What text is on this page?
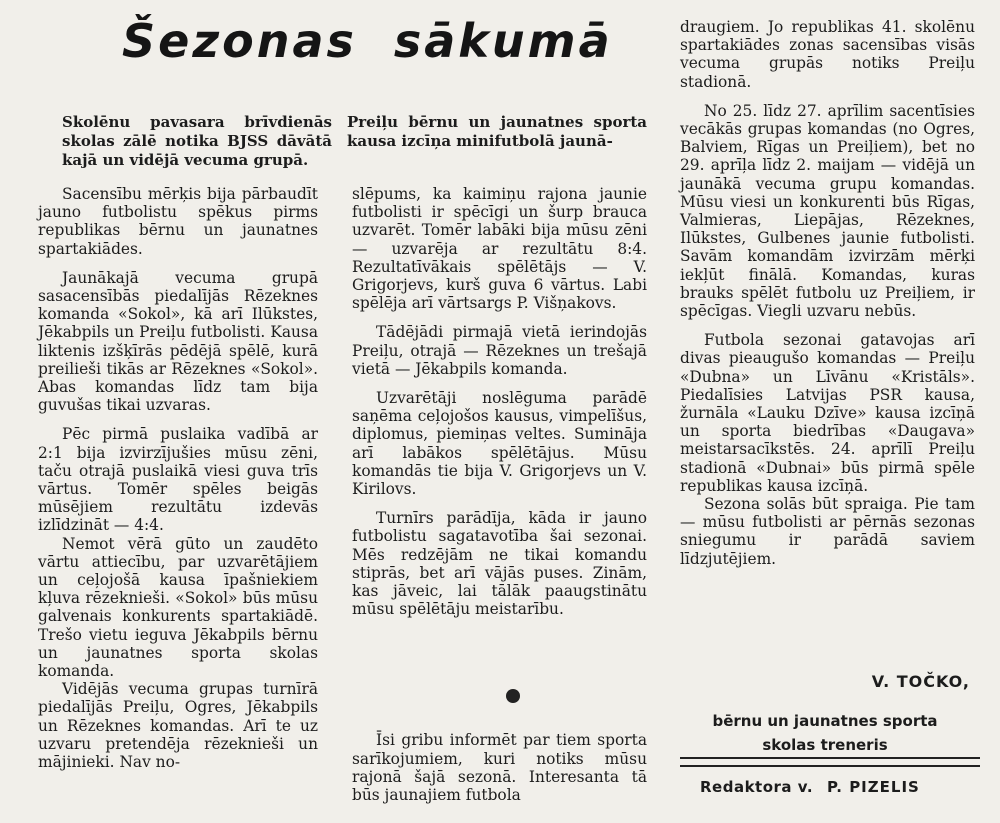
Šezonas sākumā

Skolēnu pavasara brīvdienās skolas zālē notika BJSS dāvātā kajā un vidējā vecuma grupā.

Preiļu bērnu un jaunatnes sporta kausa izcīņa minifutbolā jaunā-

Sacensību mērķis bija pārbaudīt jauno futbolistu spēkus pirms republikas bērnu un jaunatnes spartakiādes.

Jaunākajā vecuma grupā sasacensībās piedalījās Rēzeknes komanda «Sokol», kā arī Ilūkstes, Jēkabpils un Preiļu futbolisti. Kausa liktenis izšķīrās pēdējā spēlē, kurā preilieši tikās ar Rēzeknes «Sokol». Abas komandas līdz tam bija guvušas tikai uzvaras.

Pēc pirmā puslaika vadībā ar 2:1 bija izvirzījušies mūsu zēni, taču otrajā puslaikā viesi guva trīs vārtus. Tomēr spēles beigās mūsējiem rezultātu izdevās izlīdzināt — 4:4.

Nemot vērā gūto un zaudēto vārtu attiecību, par uzvarētājiem un ceļojošā kausa īpašniekiem kļuva rēzeknieši. «Sokol» būs mūsu galvenais konkurents spartakiādē. Trešo vietu ieguva Jēkabpils bērnu un jaunatnes sporta skolas komanda.

Vidējās vecuma grupas turnīrā piedalījās Preiļu, Ogres, Jēkabpils un Rēzeknes komandas. Arī te uz uzvaru pretendēja rēzeknieši un mājinieki. Nav no-

slēpums, ka kaimiņu rajona jaunie futbolisti ir spēcīgi un šurp brauca uzvarēt. Tomēr labāki bija mūsu zēni — uzvarēja ar rezultātu 8:4. Rezultatīvākais spēlētājs — V. Grigorjevs, kurš guva 6 vārtus. Labi spēlēja arī vārtsargs P. Višņakovs.

Tādējādi pirmajā vietā ierindojās Preiļu, otrajā — Rēzeknes un trešajā vietā — Jēkabpils komanda.

Uzvarētāji noslēguma parādē saņēma ceļojošos kausus, vimpelīšus, diplomus, piemiņas veltes. Sumināja arī labākos spēlētājus. Mūsu komandās tie bija V. Grigorjevs un V. Kirilovs.

Turnīrs parādīja, kāda ir jauno futbolistu sagatavotība šai sezonai. Mēs redzējām ne tikai komandu stiprās, bet arī vājās puses. Zinām, kas jāveic, lai tālāk paaugstinātu mūsu spēlētāju meistarību.

Īsi gribu informēt par tiem sporta sarīkojumiem, kuri notiks mūsu rajonā šajā sezonā. Interesanta tā būs jaunajiem futbola

draugiem. Jo republikas 41. skolēnu spartakiādes zonas sacensības visās vecuma grupās notiks Preiļu stadionā.

No 25. līdz 27. aprīlim sacentīsies vecākās grupas komandas (no Ogres, Balviem, Rīgas un Preiļiem), bet no 29. aprīļa līdz 2. maijam — vidējā un jaunākā vecuma grupu komandas. Mūsu viesi un konkurenti būs Rīgas, Valmieras, Liepājas, Rēzeknes, Ilūkstes, Gulbenes jaunie futbolisti. Savām komandām izvirzām mērķi iekļūt finālā. Komandas, kuras brauks spēlēt futbolu uz Preiļiem, ir spēcīgas. Viegli uzvaru nebūs.

Futbola sezonai gatavojas arī divas pieaugušo komandas — Preiļu «Dubna» un Līvānu «Kristāls». Piedalīsies Latvijas PSR kausa, žurnāla «Lauku Dzīve» kausa izcīņā un sporta biedrības «Daugava» meistarsacīkstēs. 24. aprīlī Preiļu stadionā «Dubnai» būs pirmā spēle republikas kausa izcīņā.

Sezona solās būt spraiga. Pie tam — mūsu futbolisti ar pērnās sezonas sniegumu ir parādā saviem līdzjutējiem.

V. TOČKO,

bērnu un jaunatnes sporta

skolas treneris

Redaktora v. P. PIZELIS
